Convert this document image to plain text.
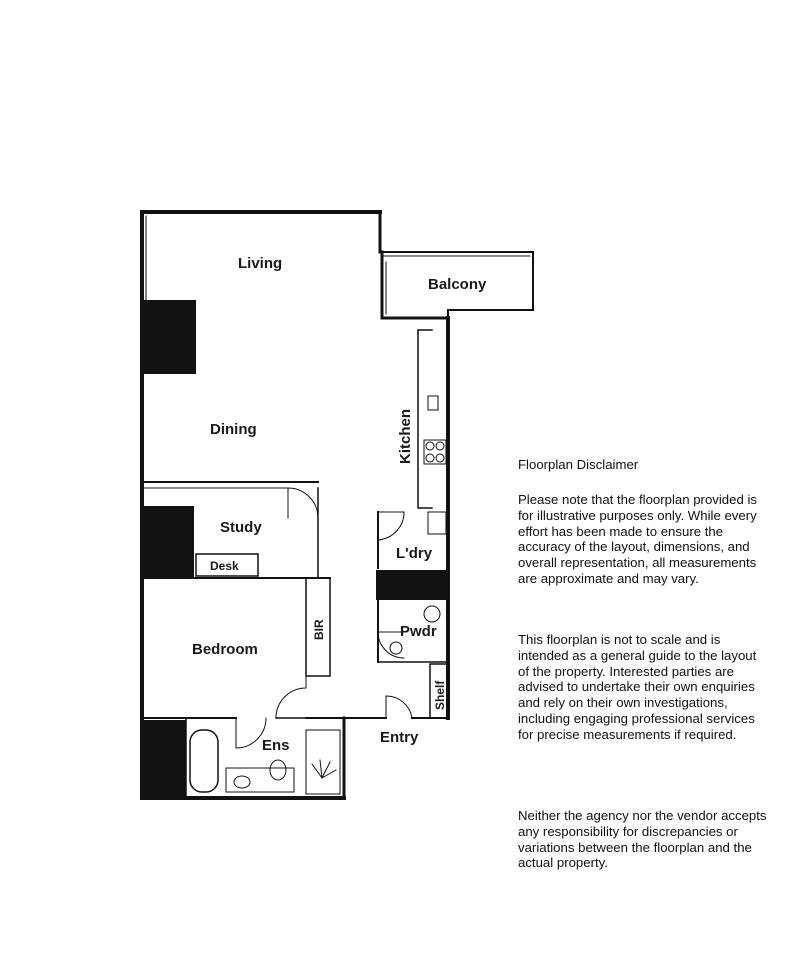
Living
Balcony
Dining	Kitchen
Study
Desk
L'dry
Bedroom
BIR	Pwdr
Shelf
Ens	Entry
Floorplan Disclaimer

Please note that the floorplan provided is for illustrative purposes only. While every effort has been made to ensure the accuracy of the layout, dimensions, and overall representation, all measurements are approximate and may vary.

This floorplan is not to scale and is intended as a general guide to the layout of the property. Interested parties are advised to undertake their own enquiries and rely on their own investigations, including engaging professional services for precise measurements if required.

Neither the agency nor the vendor accepts any responsibility for discrepancies or variations between the floorplan and the actual property.
